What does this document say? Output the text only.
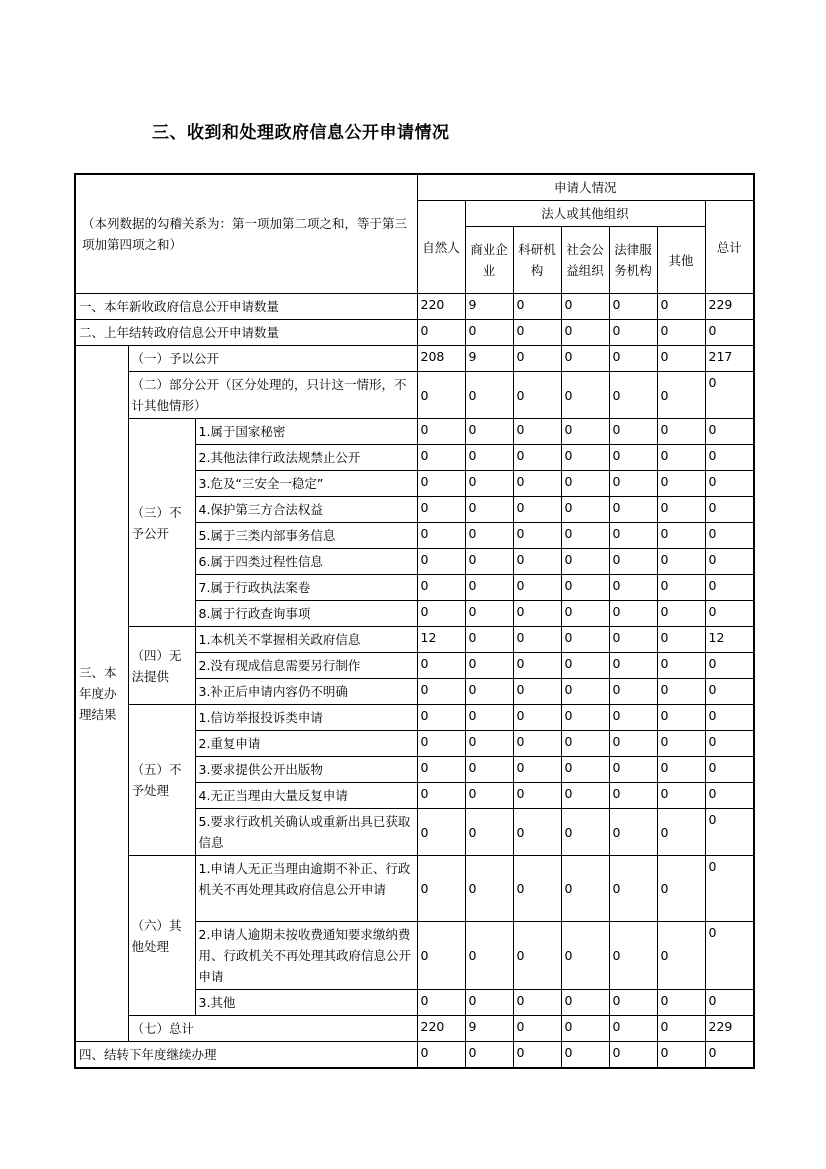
三、收到和处理政府信息公开申请情况
（本列数据的勾稽关系为：第一项加第二项之和，等于第三项加第四项之和）			申请人情况						
			自然人	法人或其他组织					总计
				商业企业	科研机构	社会公益组织	法律服务机构	其他	
一、本年新收政府信息公开申请数量			220	9	0	0	0	0	229
二、上年结转政府信息公开申请数量			0	0	0	0	0	0	0
三、本年度办理结果	（一）予以公开		208	9	0	0	0	0	217
	（二）部分公开（区分处理的，只计这一情形，不计其他情形）		0	0	0	0	0	0	0
	（三）不予公开	1.属于国家秘密	0	0	0	0	0	0	0
		2.其他法律行政法规禁止公开	0	0	0	0	0	0	0
		3.危及“三安全一稳定”	0	0	0	0	0	0	0
		4.保护第三方合法权益	0	0	0	0	0	0	0
		5.属于三类内部事务信息	0	0	0	0	0	0	0
		6.属于四类过程性信息	0	0	0	0	0	0	0
		7.属于行政执法案卷	0	0	0	0	0	0	0
		8.属于行政查询事项	0	0	0	0	0	0	0
	（四）无法提供	1.本机关不掌握相关政府信息	12	0	0	0	0	0	12
		2.没有现成信息需要另行制作	0	0	0	0	0	0	0
		3.补正后申请内容仍不明确	0	0	0	0	0	0	0
	（五）不予处理	1.信访举报投诉类申请	0	0	0	0	0	0	0
		2.重复申请	0	0	0	0	0	0	0
		3.要求提供公开出版物	0	0	0	0	0	0	0
		4.无正当理由大量反复申请	0	0	0	0	0	0	0
		5.要求行政机关确认或重新出具已获取信息	0	0	0	0	0	0	0
	（六）其他处理	1.申请人无正当理由逾期不补正、行政机关不再处理其政府信息公开申请	0	0	0	0	0	0	0
		2.申请人逾期未按收费通知要求缴纳费用、行政机关不再处理其政府信息公开申请	0	0	0	0	0	0	0
		3.其他	0	0	0	0	0	0	0
	（七）总计		220	9	0	0	0	0	229
四、结转下年度继续办理			0	0	0	0	0	0	0
